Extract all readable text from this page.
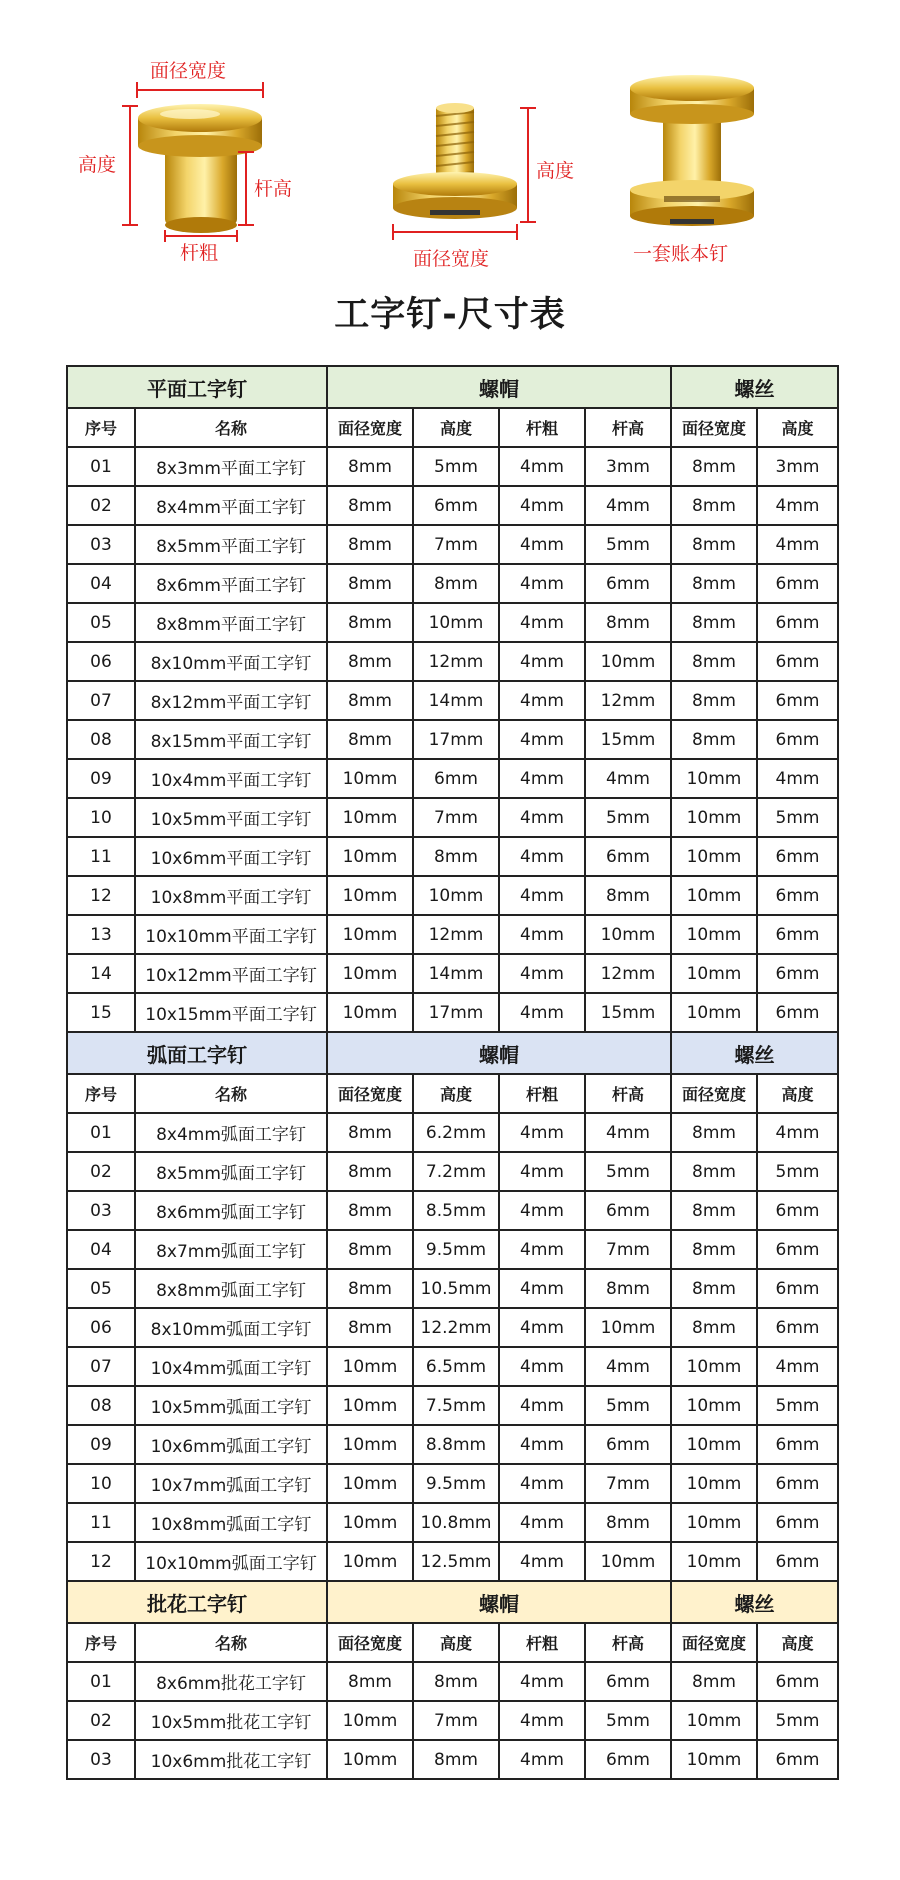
面径宽度
高度
杆高
杆粗
高度
面径宽度	一套账本钉
工字钉-尺寸表
平面工字钉		螺帽				螺丝	
序号	名称	面径宽度	高度	杆粗	杆高	面径宽度	高度
01	8x3mm平面工字钉	8mm	5mm	4mm	3mm	8mm	3mm
02	8x4mm平面工字钉	8mm	6mm	4mm	4mm	8mm	4mm
03	8x5mm平面工字钉	8mm	7mm	4mm	5mm	8mm	4mm
04	8x6mm平面工字钉	8mm	8mm	4mm	6mm	8mm	6mm
05	8x8mm平面工字钉	8mm	10mm	4mm	8mm	8mm	6mm
06	8x10mm平面工字钉	8mm	12mm	4mm	10mm	8mm	6mm
07	8x12mm平面工字钉	8mm	14mm	4mm	12mm	8mm	6mm
08	8x15mm平面工字钉	8mm	17mm	4mm	15mm	8mm	6mm
09	10x4mm平面工字钉	10mm	6mm	4mm	4mm	10mm	4mm
10	10x5mm平面工字钉	10mm	7mm	4mm	5mm	10mm	5mm
11	10x6mm平面工字钉	10mm	8mm	4mm	6mm	10mm	6mm
12	10x8mm平面工字钉	10mm	10mm	4mm	8mm	10mm	6mm
13	10x10mm平面工字钉	10mm	12mm	4mm	10mm	10mm	6mm
14	10x12mm平面工字钉	10mm	14mm	4mm	12mm	10mm	6mm
15	10x15mm平面工字钉	10mm	17mm	4mm	15mm	10mm	6mm
弧面工字钉		螺帽				螺丝	
序号	名称	面径宽度	高度	杆粗	杆高	面径宽度	高度
01	8x4mm弧面工字钉	8mm	6.2mm	4mm	4mm	8mm	4mm
02	8x5mm弧面工字钉	8mm	7.2mm	4mm	5mm	8mm	5mm
03	8x6mm弧面工字钉	8mm	8.5mm	4mm	6mm	8mm	6mm
04	8x7mm弧面工字钉	8mm	9.5mm	4mm	7mm	8mm	6mm
05	8x8mm弧面工字钉	8mm	10.5mm	4mm	8mm	8mm	6mm
06	8x10mm弧面工字钉	8mm	12.2mm	4mm	10mm	8mm	6mm
07	10x4mm弧面工字钉	10mm	6.5mm	4mm	4mm	10mm	4mm
08	10x5mm弧面工字钉	10mm	7.5mm	4mm	5mm	10mm	5mm
09	10x6mm弧面工字钉	10mm	8.8mm	4mm	6mm	10mm	6mm
10	10x7mm弧面工字钉	10mm	9.5mm	4mm	7mm	10mm	6mm
11	10x8mm弧面工字钉	10mm	10.8mm	4mm	8mm	10mm	6mm
12	10x10mm弧面工字钉	10mm	12.5mm	4mm	10mm	10mm	6mm
批花工字钉		螺帽				螺丝	
序号	名称	面径宽度	高度	杆粗	杆高	面径宽度	高度
01	8x6mm批花工字钉	8mm	8mm	4mm	6mm	8mm	6mm
02	10x5mm批花工字钉	10mm	7mm	4mm	5mm	10mm	5mm
03	10x6mm批花工字钉	10mm	8mm	4mm	6mm	10mm	6mm
